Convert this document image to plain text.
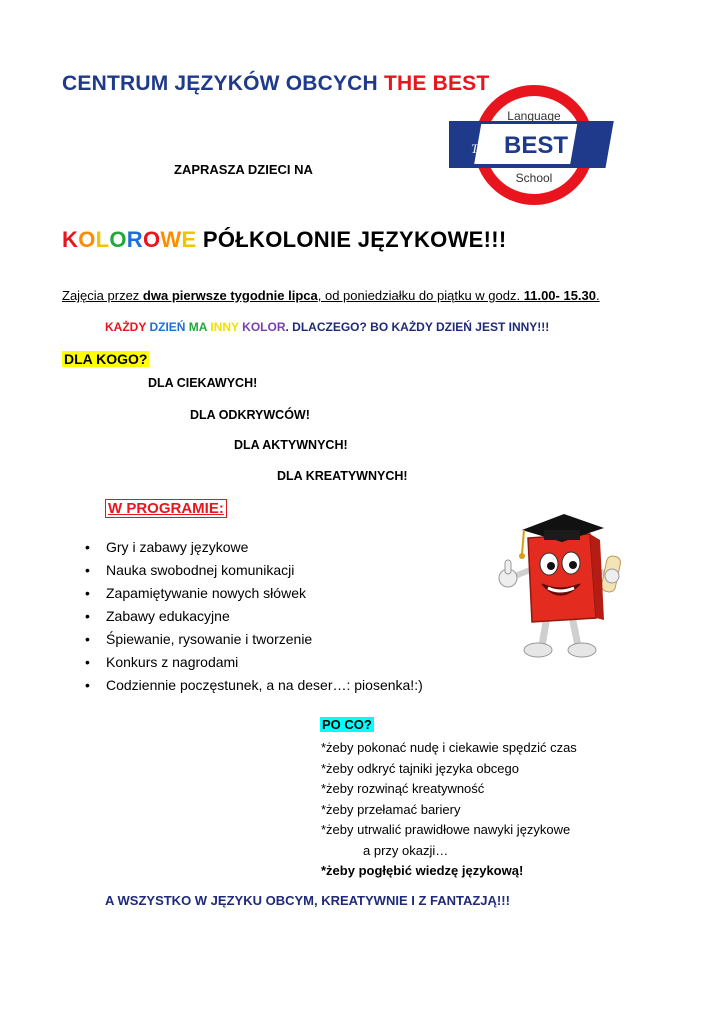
CENTRUM JĘZYKÓW OBCYCH THE BEST
Language
The BEST
School
ZAPRASZA DZIECI NA
KOLOROWE PÓŁKOLONIE JĘZYKOWE!!!
Zajęcia przez dwa pierwsze tygodnie lipca, od poniedziałku do piątku w godz. 11.00- 15.30.
KAŻDY DZIEŃ MA INNY KOLOR. DLACZEGO? BO KAŻDY DZIEŃ JEST INNY!!!
DLA KOGO?
DLA CIEKAWYCH!
DLA ODKRYWCÓW!
DLA AKTYWNYCH!
DLA KREATYWNYCH!
W PROGRAMIE:
• Gry i zabawy językowe
• Nauka swobodnej komunikacji
• Zapamiętywanie nowych słówek
• Zabawy edukacyjne
• Śpiewanie, rysowanie i tworzenie
• Konkurs z nagrodami
• Codziennie poczęstunek, a na deser…: piosenka!:)
PO CO?
*żeby pokonać nudę i ciekawie spędzić czas
*żeby odkryć tajniki języka obcego
*żeby rozwinąć kreatywność
*żeby przełamać bariery
*żeby utrwalić prawidłowe nawyki językowe
a przy okazji…
*żeby pogłębić wiedzę językową!
A WSZYSTKO W JĘZYKU OBCYM, KREATYWNIE I Z FANTAZJĄ!!!
